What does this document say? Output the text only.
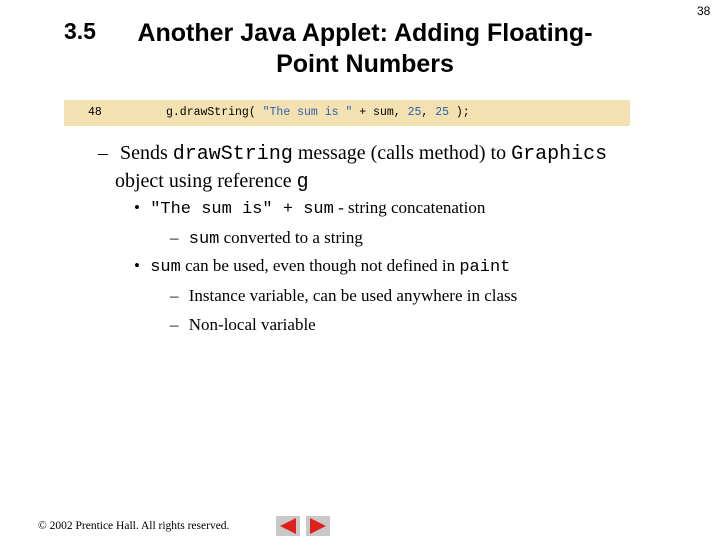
3.5 Another Java Applet: Adding Floating-Point Numbers
38
48	g.drawString( "The sum is " + sum, 25, 25 );
– Sends drawString message (calls method) to Graphics
object using reference g
• "The sum is" + sum - string concatenation
– sum converted to a string
• sum can be used, even though not defined in paint
– Instance variable, can be used anywhere in class
– Non-local variable
© 2002 Prentice Hall. All rights reserved.
